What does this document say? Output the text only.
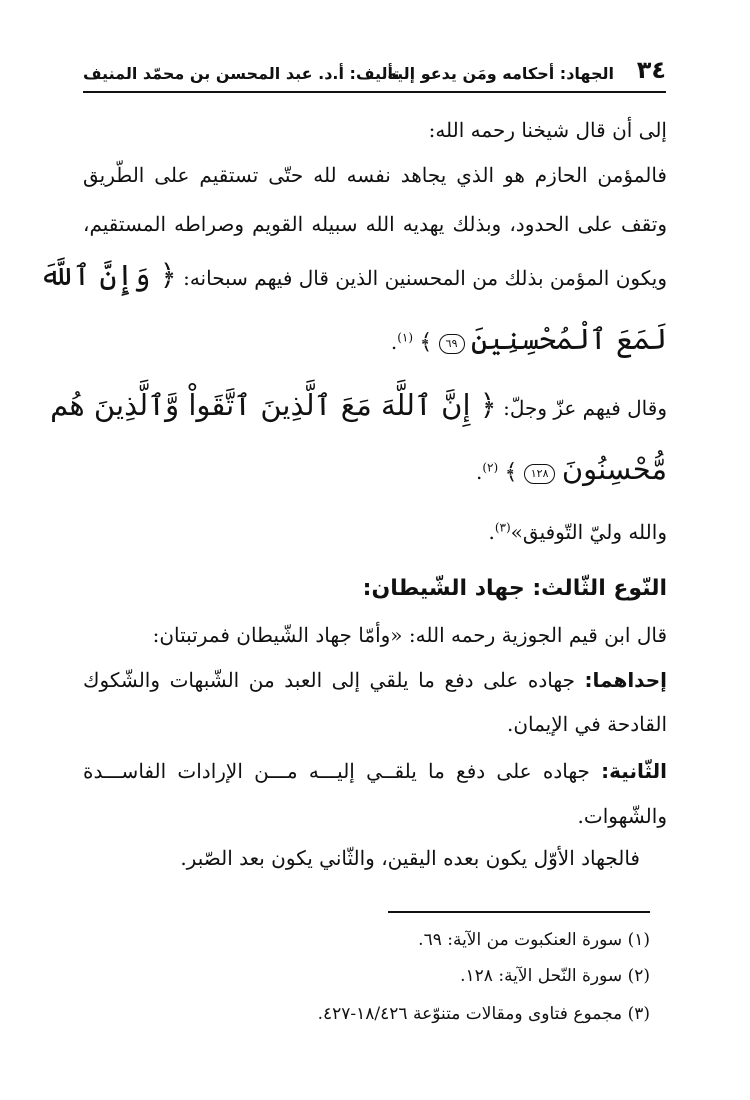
٣٤
الجهاد: أحكامه ومَن يدعو إليه
تأليف: أ.د. عبد المحسن بن محمّد المنيف
إلى أن قال شيخنا رحمه الله:
فالمؤمن الحازم هو الذي يجاهد نفسه لله حتّى تستقيم على الطّريق
وتقف على الحدود، وبذلك يهديه الله سبيله القويم وصراطه المستقيم،
ويكون المؤمن بذلك من المحسنين الذين قال فيهم سبحانه: ﴿ وَإِنَّ ٱللَّهَ
لَمَعَ ٱلْمُحْسِنِينَ ٦٩ ﴾ $^{(١)}$.
وقال فيهم عزّ وجلّ: ﴿ إِنَّ ٱللَّهَ مَعَ ٱلَّذِينَ ٱتَّقَواْ وَّٱلَّذِينَ هُم
مُّحْسِنُونَ ١٢٨ ﴾ $^{(٢)}$.
والله وليّ التّوفيق»$^{(٣)}$.
النّوع الثّالث: جهاد الشّيطان:
قال ابن قيم الجوزية رحمه الله: «وأمّا جهاد الشّيطان فمرتبتان:
إحداهما: جهاده على دفع ما يلقي إلى العبد من الشّبهات والشّكوك
القادحة في الإيمان.
الثّانية: جهاده على دفع ما يلقــي إليـــه مـــن الإرادات الفاســـدة
والشّهوات.
فالجهاد الأوّل يكون بعده اليقين، والثّاني يكون بعد الصّبر.
(١) سورة العنكبوت من الآية: ٦٩.
(٢) سورة النّحل الآية: ١٢٨.
(٣) مجموع فتاوى ومقالات متنوّعة ١٨/٤٢٦-٤٢٧.
